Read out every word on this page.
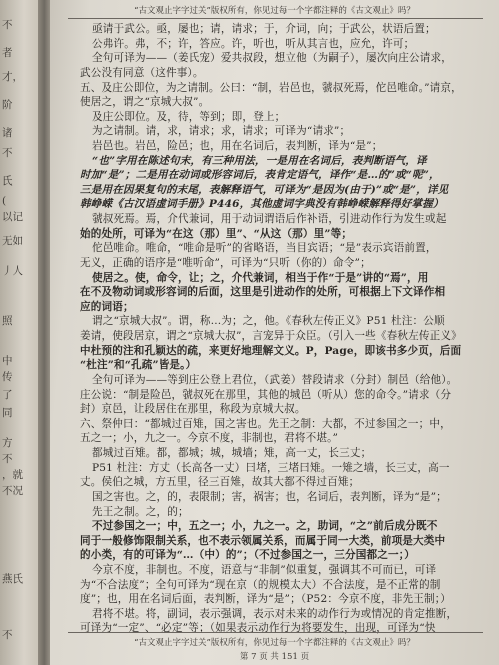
不
者
才，
阶
诸
不
氏
(
以记
无如
丿人
照
中
传
了
同
方
不
，就
不况
燕氏
不
“古文观止字字过关”版权所有，你见过每一个字都注释的《古文观止》吗？
亟请于武公。亟，屡也；请，请求；于，介词，向；于武公，状语后置；
公弗许。弗，不；许，答应。许，听也，听从其言也，应允，许可；
全句可译为——（姜氏宠）爱共叔段，想立他（为嗣子），屡次向庄公请求，
武公没有同意（这件事）。
五、及庄公即位，为之请制。公曰：“制，岩邑也，虢叔死焉，佗邑唯命。”请京，
使居之，谓之“京城大叔”。
及庄公即位。及，待，等到；即，登上；
为之请制。请，求，请求；求，请求；可译为“请求”；
岩邑也。岩邑，险邑；也，用在名词后，表判断，译为“是”；
“也”字用在陈述句末，有三种用法，一是用在名词后，表判断语气，译
时加“是”；二是用在动词或形容词后，表肯定语气，译作“是…的”或“呢”，
三是用在因果复句的末尾，表解释语气，可译为“是因为(由于)”或“是”，详见
韩峥嵘《古汉语虚词手册》P446，其他虚词字典没有韩峥嵘解释得好掌握）
虢叔死焉。焉，介代兼词，用于动词谓语后作补语，引进动作行为发生或起
始的处所，可译为“在这（那）里”、“从这（那）里”等；
佗邑唯命。唯命，“唯命是听”的省略语，当目宾语；“是”表示宾语前置，
无义，正确的语序是“唯听命”，可译为“只听（你的）命令”；
使居之。使，命令，让；之，介代兼词，相当于作“于是”讲的“焉”，用
在不及物动词或形容词的后面，这里是引进动作的处所，可根据上下文译作相
应的词语；
谓之“京城大叔”。谓，称…为；之，他。《春秋左传正义》P51 杜注：公顺
姜请，使段居京，谓之“京城大叔”，言宠异于众臣。（引入一些《春秋左传正义》
中杜预的注和孔颖达的疏，来更好地理解文义。P，Page，即该书多少页，后面
“杜注”和“孔疏”皆是。）
全句可译为——等到庄公登上君位，（武姜）替段请求（分封）制邑（给他）。
庄公说：“制是险邑，虢叔死在那里，其他的城邑（听从）您的命令。”请求（分
封）京邑，让段居住在那里，称段为京城大叔。
六、祭仲曰：“都城过百雉，国之害也。先王之制：大都，不过参国之一；中，
五之一；小，九之一。今京不度，非制也，君将不堪。”
都城过百雉。都，都城；城，城墙；雉，高一丈，长三丈；
P51 杜注：方丈（长高各一丈）曰堵，三堵曰雉。一雉之墙，长三丈，高一
丈。侯伯之城，方五里，径三百雉，故其大都不得过百雉；
国之害也。之，的，表限制；害，祸害；也，名词后，表判断，译为“是”；
先王之制。之，的；
不过参国之一；中，五之一；小，九之一。之，助词，“之”前后成分既不
同于一般修饰限制关系，也不表示领属关系，而属于同一大类，前项是大类中
的小类，有的可译为“…（中）的”；（不过参国之一，三分国都之一；）
今京不度，非制也。不度，语意与“非制”似重复，强调其不可而已，可译
为“不合法度”；全句可译为“现在京（的规模太大）不合法度，是不正常的制
度”；也，用在名词后面，表判断，译为“是”；（P52：今京不度，非先王制；）
君将不堪。将，副词，表示强调，表示对未来的动作行为或情况的肯定推断，
可译为“一定”、“必定”等；（如果表示动作行为将要发生，出现，可译为“快
“古文观止字字过关”版权所有，你见过每一个字都注释的《古文观止》吗？
第 7 页 共 151 页
